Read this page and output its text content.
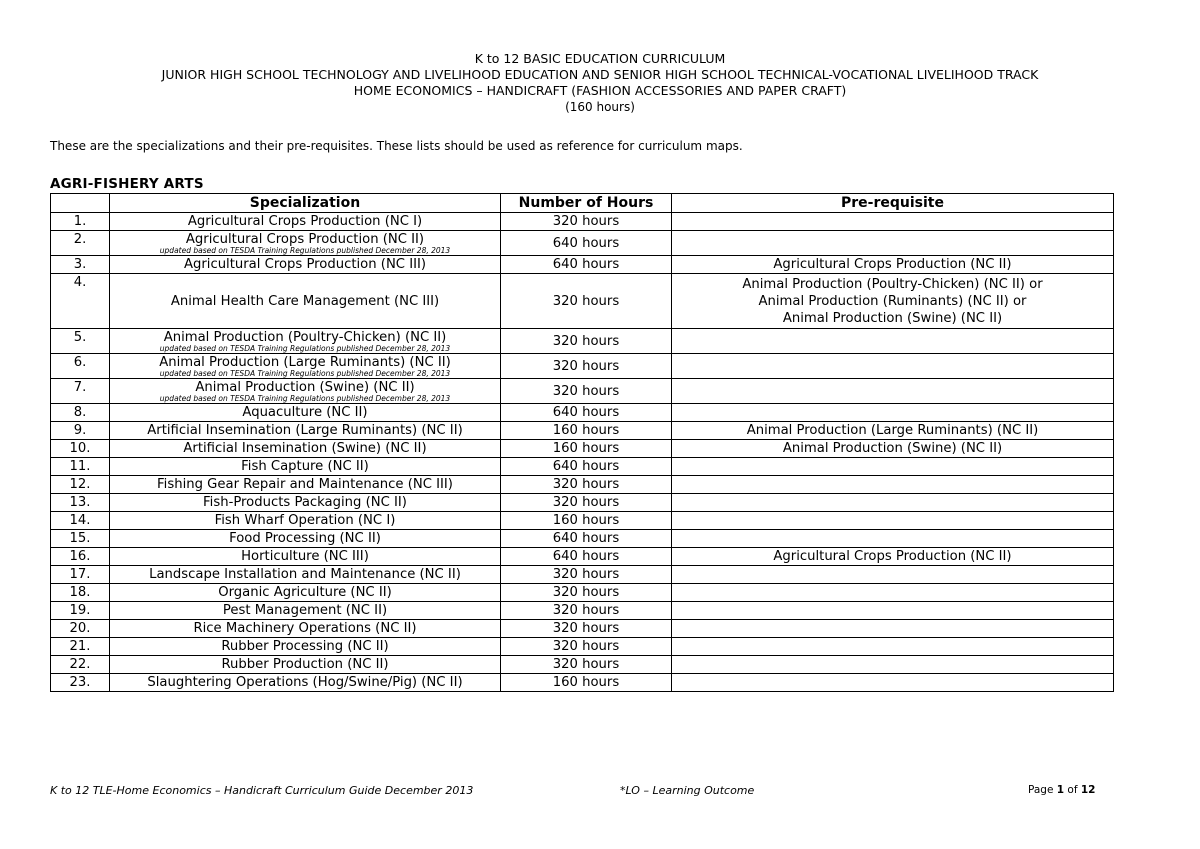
K to 12 BASIC EDUCATION CURRICULUM
JUNIOR HIGH SCHOOL TECHNOLOGY AND LIVELIHOOD EDUCATION AND SENIOR HIGH SCHOOL TECHNICAL-VOCATIONAL LIVELIHOOD TRACK
HOME ECONOMICS – HANDICRAFT (FASHION ACCESSORIES AND PAPER CRAFT)
(160 hours)
These are the specializations and their pre-requisites. These lists should be used as reference for curriculum maps.
AGRI-FISHERY ARTS
	Specialization	Number of Hours	Pre-requisite
1.	Agricultural Crops Production (NC I)	320 hours	
2.	Agricultural Crops Production (NC II)
updated based on TESDA Training Regulations published December 28, 2013	640 hours	
3.	Agricultural Crops Production (NC III)	640 hours	Agricultural Crops Production (NC II)
4.	Animal Health Care Management (NC III)	320 hours	Animal Production (Poultry-Chicken) (NC II) or
Animal Production (Ruminants) (NC II) or
Animal Production (Swine) (NC II)
5.	Animal Production (Poultry-Chicken) (NC II)
updated based on TESDA Training Regulations published December 28, 2013	320 hours	
6.	Animal Production (Large Ruminants) (NC II)
updated based on TESDA Training Regulations published December 28, 2013	320 hours	
7.	Animal Production (Swine) (NC II)
updated based on TESDA Training Regulations published December 28, 2013	320 hours	
8.	Aquaculture (NC II)	640 hours	
9.	Artificial Insemination (Large Ruminants) (NC II)	160 hours	Animal Production (Large Ruminants) (NC II)
10.	Artificial Insemination (Swine) (NC II)	160 hours	Animal Production (Swine) (NC II)
11.	Fish Capture (NC II)	640 hours	
12.	Fishing Gear Repair and Maintenance (NC III)	320 hours	
13.	Fish-Products Packaging (NC II)	320 hours	
14.	Fish Wharf Operation (NC I)	160 hours	
15.	Food Processing (NC II)	640 hours	
16.	Horticulture (NC III)	640 hours	Agricultural Crops Production (NC II)
17.	Landscape Installation and Maintenance (NC II)	320 hours	
18.	Organic Agriculture (NC II)	320 hours	
19.	Pest Management (NC II)	320 hours	
20.	Rice Machinery Operations (NC II)	320 hours	
21.	Rubber Processing (NC II)	320 hours	
22.	Rubber Production (NC II)	320 hours	
23.	Slaughtering Operations (Hog/Swine/Pig) (NC II)	160 hours	
K to 12 TLE-Home Economics – Handicraft Curriculum Guide December 2013	*LO – Learning Outcome	Page 1 of 12
